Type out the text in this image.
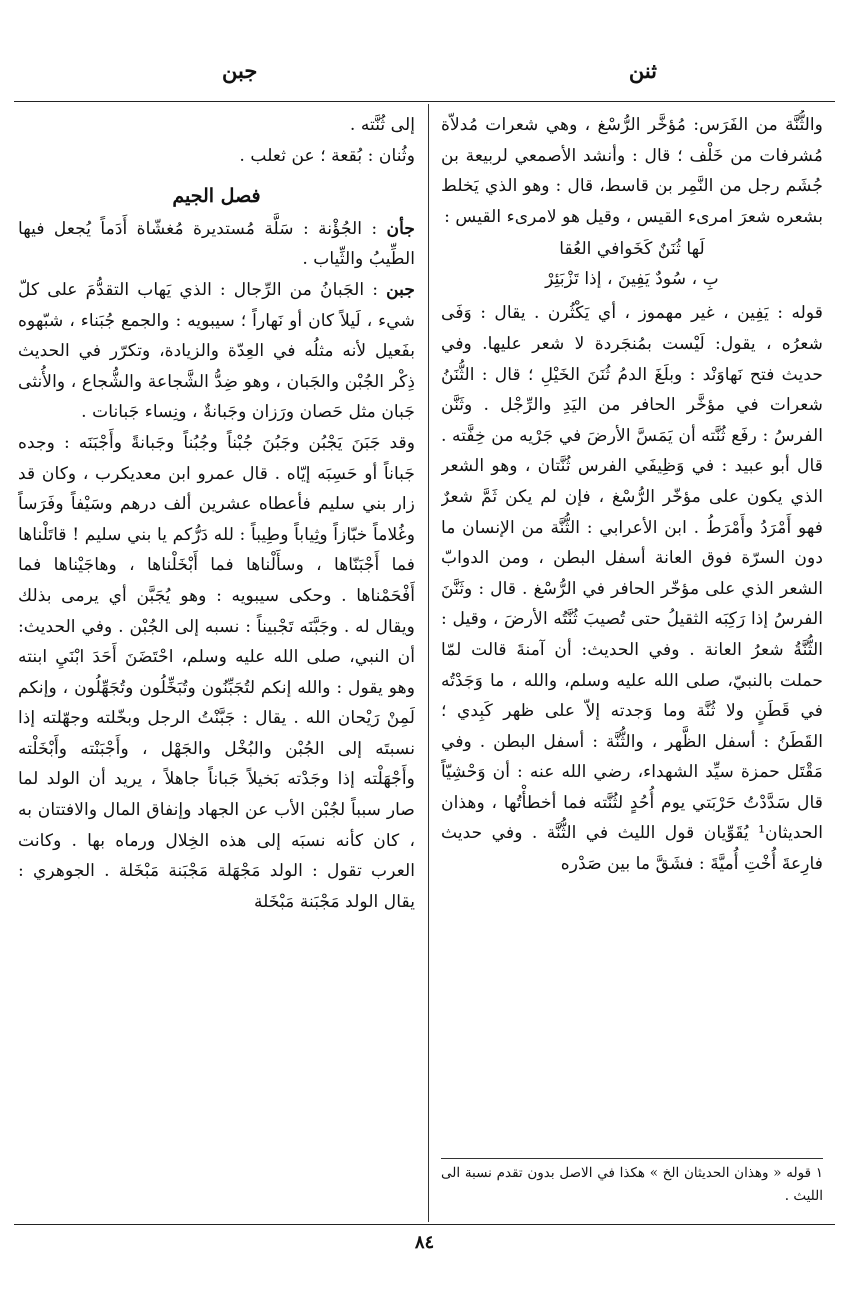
ثنن
جبن

والثُّنَّة من الفَرَس: مُؤخَّر الرُّسْغ ، وهي شعرات مُدلاّة مُشرفات من خَلْف ؛ قال : وأنشد الأصمعي لربيعة بن جُشَم رجل من النَّمِر بن قاسط، قال : وهو الذي يَخلط بشعره شعرَ امرىء القيس ، وقيل هو لامرىء القيس :

لَها ثُنَنٌ كَخَوافي العُقا
بِ ، سُودٌ يَفِينَ ، إذا تَزْبَئِرْ

قوله : يَفِين ، غير مهموز ، أي يَكْثُرن . يقال : وَفَى شعرُه ، يقول: لَيْست بمُنجَردة لا شعر عليها. وفي حديث فتح نَهاوَنْد : وبلَغَ الدمُ ثُنَنَ الخَيْلِ ؛ قال : الثُّنَنُ شعرات في مؤخَّر الحافر من اليَدِ والرِّجْل . وثَنَّن الفرسُ : رفَع ثُنَّته أن يَمَسَّ الأرضَ في جَرْيه من خِفَّته . قال أبو عبيد : في وَظِيفَي الفرس ثُنَّتان ، وهو الشعر الذي يكون على مؤخّر الرُّسْغ ، فإن لم يكن ثَمَّ شعرٌ فهو أَمْرَدُ وأَمْرَطُ . ابن الأعرابي : الثُّنَّة من الإنسان ما دون السرّة فوق العانة أسفل البطن ، ومن الدوابّ الشعر الذي على مؤخّر الحافر في الرُّسْغ . قال : وثَنَّنَ الفرسُ إذا رَكِبَه الثقيلُ حتى تُصيبَ ثُنَّتُه الأرضَ ، وقيل : الثُّنَّةُ شعرُ العانة . وفي الحديث: أن آمنةَ قالت لمّا حملت بالنبيّ، صلى الله عليه وسلم، والله ، ما وَجَدْتُه في قَطَنٍ ولا ثُنَّة وما وَجدته إلاّ على ظهر كَبِدي ؛ القَطَنُ : أسفل الظَّهر ، والثُّنَّة : أسفل البطن . وفي مَقْتَل حمزة سيِّد الشهداء، رضي الله عنه : أن وَحْشِيّاً قال سَدَّدْتُ حَرْبَتي يوم أُحُدٍ لثُنَّته فما أخطأْتُها ، وهذان الحديثان¹ يُقَوِّيان قول الليث في الثُّنَّة . وفي حديث فارِعةَ أُخْتِ أُميَّةَ : فشَقَّ ما بين صَدْره

١ قوله « وهذان الحديثان الخ » هكذا في الاصل بدون تقدم نسبة الى الليث .

إلى ثُنَّته .

وثُنان : بُقعة ؛ عن ثعلب .

فصل الجيم

جأن : الجُؤْنة : سَلَّة مُستديرة مُغشّاة أَدَماً يُجعل فيها الطِّيبُ والثِّياب .

جبن : الجَبانُ من الرِّجال : الذي يَهاب التقدُّمَ على كلّ شيء ، لَيلاً كان أو نَهاراً ؛ سيبويه : والجمع جُبَناء ، شبّهوه بفَعيل لأنه مثلُه في العِدّة والزيادة، وتكرّر في الحديث ذِكْر الجُبْن والجَبان ، وهو ضِدُّ الشَّجاعة والشُّجاع ، والأُنثى جَبان مثل حَصان ورَزان وجَبانةٌ ، ونِساء جَبانات .

وقد جَبَنَ يَجْبُن وجَبُنَ جُبْناً وجُبُناً وجَبانةً وأَجْبَنَه : وجده جَباناً أو حَسِبَه إيّاه . قال عمرو ابن معديكرب ، وكان قد زار بني سليم فأعطاه عشرين ألف درهم وسَيْفاً وفَرَساً وغُلاماً خبّازاً وثِياباً وطِيباً : لله دَرُّكم يا بني سليم ! قاتَلْناها فما أَجْبَنّاها ، وسأَلْناها فما أَبْخَلْناها ، وهاجَيْناها فما أَفْحَمْناها . وحكى سيبويه : وهو يُجَبَّن أي يرمى بذلك ويقال له . وجَبَّنَه تَجْبيناً : نسبه إلى الجُبْن . وفي الحديث: أن النبي، صلى الله عليه وسلم، احْتَضَنَ أَحَدَ ابْنَيِ ابنته وهو يقول : والله إنكم لتُجَبِّنُون وتُبَخِّلُون وتُجَهِّلُون ، وإنكم لَمِنْ رَيْحان الله . يقال : جَبَّنْتُ الرجل وبخّلته وجهّلته إذا نسبتَه إلى الجُبْن والبُخْل والجَهْل ، وأَجْبَنْته وأَبْخَلْته وأَجْهَلْته إذا وجَدْته بَخيلاً جَباناً جاهلاً ، يريد أن الولد لما صار سبباً لجُبْن الأب عن الجهاد وإنفاق المال والافتتان به ، كان كأنه نسبَه إلى هذه الخِلال ورماه بها . وكانت العرب تقول : الولد مَجْهَلة مَجْبَنة مَبْخَلة . الجوهري : يقال الولد مَجْبَنة مَبْخَلة

٨٤
